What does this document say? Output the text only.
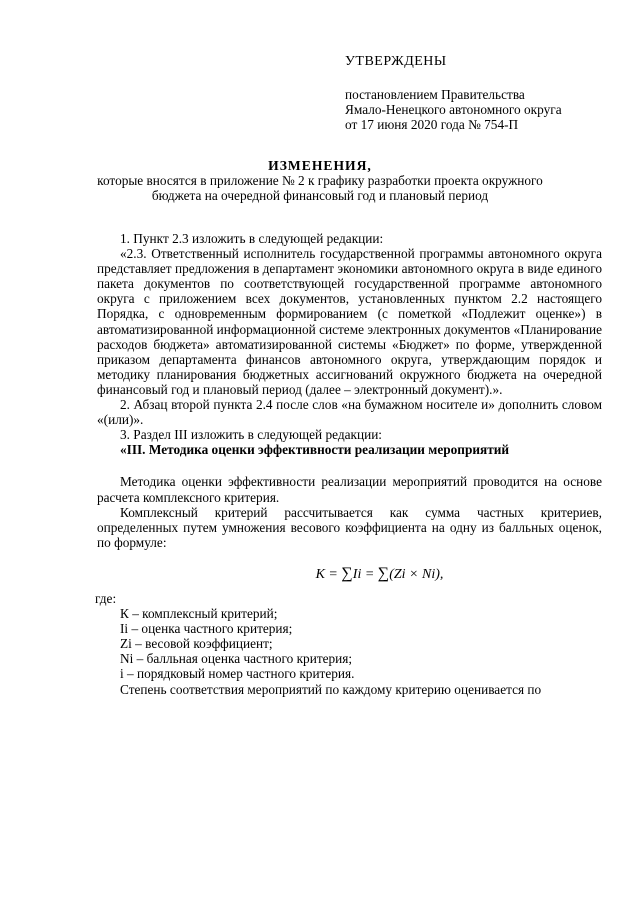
УТВЕРЖДЕНЫ
постановлением Правительства
Ямало-Ненецкого автономного округа
от 17 июня 2020 года № 754-П
ИЗМЕНЕНИЯ,
которые вносятся в приложение № 2 к графику разработки проекта окружного
бюджета на очередной финансовый год и плановый период

1. Пункт 2.3 изложить в следующей редакции:

«2.3. Ответственный исполнитель государственной программы автономного округа представляет предложения в департамент экономики автономного округа в виде единого пакета документов по соответствующей государственной программе автономного округа с приложением всех документов, установленных пунктом 2.2 настоящего Порядка, с одновременным формированием (с пометкой «Подлежит оценке») в автоматизированной информационной системе электронных документов «Планирование расходов бюджета» автоматизированной системы «Бюджет» по форме, утвержденной приказом департамента финансов автономного округа, утверждающим порядок и методику планирования бюджетных ассигнований окружного бюджета на очередной финансовый год и плановый период (далее – электронный документ).».

2. Абзац второй пункта 2.4 после слов «на бумажном носителе и» дополнить словом «(или)».

3. Раздел III изложить в следующей редакции:

«III. Методика оценки эффективности реализации мероприятий

Методика оценки эффективности реализации мероприятий проводится на основе расчета комплексного критерия.

Комплексный критерий рассчитывается как сумма частных критериев, определенных путем умножения весового коэффициента на одну из балльных оценок, по формуле:

K = ∑Ii = ∑(Zi × Ni),

где:

К – комплексный критерий;

Ii – оценка частного критерия;

Zi – весовой коэффициент;

Ni – балльная оценка частного критерия;

i – порядковый номер частного критерия.

Степень соответствия мероприятий по каждому критерию оценивается по
